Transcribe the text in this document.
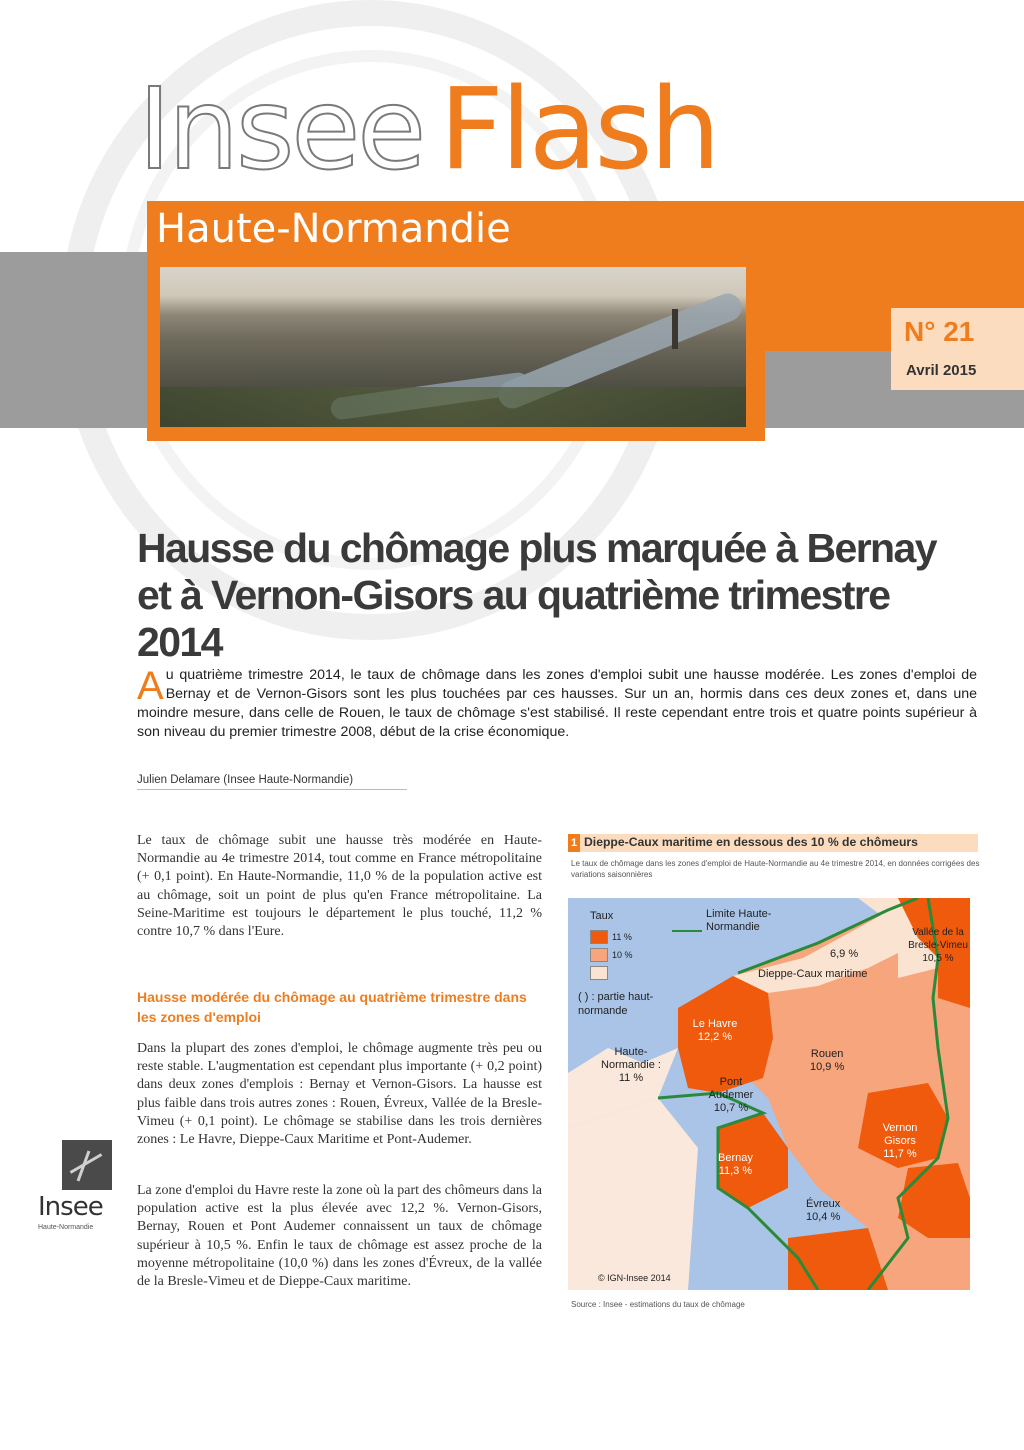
Insee Flash
Haute-Normandie
N° 21
Avril 2015
Hausse du chômage plus marquée à Bernay et à Vernon-Gisors au quatrième trimestre 2014
Au quatrième trimestre 2014, le taux de chômage dans les zones d'emploi subit une hausse modérée. Les zones d'emploi de Bernay et de Vernon-Gisors sont les plus touchées par ces hausses. Sur un an, hormis dans ces deux zones et, dans une moindre mesure, dans celle de Rouen, le taux de chômage s'est stabilisé. Il reste cependant entre trois et quatre points supérieur à son niveau du premier trimestre 2008, début de la crise économique.
Julien Delamare (Insee Haute-Normandie)

Le taux de chômage subit une hausse très modérée en Haute-Normandie au 4e trimestre 2014, tout comme en France métropolitaine (+ 0,1 point). En Haute-Normandie, 11,0 % de la population active est au chômage, soit un point de plus qu'en France métropolitaine. La Seine-Maritime est toujours le département le plus touché, 11,2 % contre 10,7 % dans l'Eure.

Hausse modérée du chômage au quatrième trimestre dans les zones d'emploi

Dans la plupart des zones d'emploi, le chômage augmente très peu ou reste stable. L'augmentation est cependant plus importante (+ 0,2 point) dans deux zones d'emplois : Bernay et Vernon-Gisors. La hausse est plus faible dans trois autres zones : Rouen, Évreux, Vallée de la Bresle-Vimeu (+ 0,1 point). Le chômage se stabilise dans les trois dernières zones : Le Havre, Dieppe-Caux Maritime et Pont-Audemer.

La zone d'emploi du Havre reste la zone où la part des chômeurs dans la population active est la plus élevée avec 12,2 %. Vernon-Gisors, Bernay, Rouen et Pont Audemer connaissent un taux de chômage supérieur à 10,5 %. Enfin le taux de chômage est assez proche de la moyenne métropolitaine (10,0 %) dans les zones d'Évreux, de la vallée de la Bresle-Vimeu et de Dieppe-Caux maritime.

Insee
Haute-Normandie
1 Dieppe-Caux maritime en dessous des 10 % de chômeurs
Le taux de chômage dans les zones d'emploi de Haute-Normandie au 4e trimestre 2014, en données corrigées des variations saisonnières
Taux
11 %
10 %
( ) : partie haut-normande
Limite Haute-Normandie
Haute-Normandie : 11 %
Le Havre
12,2 %
Dieppe-Caux maritime
6,9 %
Rouen
10,9 %
Pont Audemer
10,7 %
Bernay
11,3 %
Vernon Gisors
11,7 %
Évreux
10,4 %
Vallée de la Bresle-Vimeu
10,5 %
© IGN-Insee 2014
Source : Insee - estimations du taux de chômage
